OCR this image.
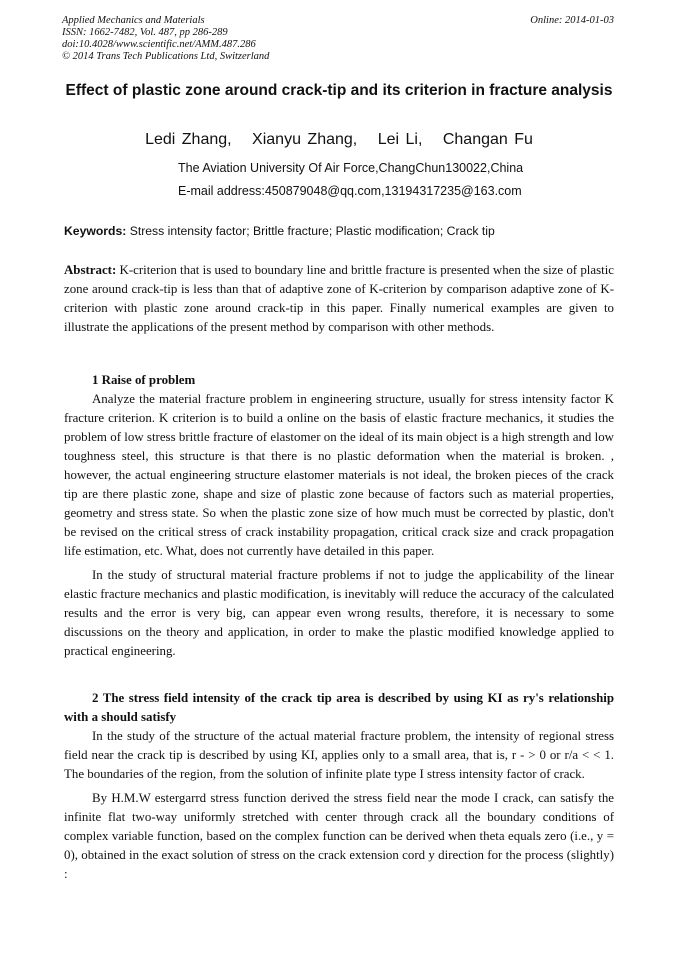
Applied Mechanics and Materials
ISSN: 1662-7482, Vol. 487, pp 286-289
doi:10.4028/www.scientific.net/AMM.487.286
© 2014 Trans Tech Publications Ltd, Switzerland
Online: 2014-01-03
Effect of plastic zone around crack-tip and its criterion in fracture analysis
Ledi Zhang, Xianyu Zhang, Lei Li, Changan Fu
The Aviation University Of Air Force,ChangChun130022,China
E-mail address:450879048@qq.com,13194317235@163.com
Keywords: Stress intensity factor; Brittle fracture; Plastic modification; Crack tip
Abstract: K-criterion that is used to boundary line and brittle fracture is presented when the size of plastic zone around crack-tip is less than that of adaptive zone of K-criterion by comparison adaptive zone of K-criterion with plastic zone around crack-tip in this paper. Finally numerical examples are given to illustrate the applications of the present method by comparison with other methods.

1 Raise of problem

Analyze the material fracture problem in engineering structure, usually for stress intensity factor K fracture criterion. K criterion is to build a online on the basis of elastic fracture mechanics, it studies the problem of low stress brittle fracture of elastomer on the ideal of its main object is a high strength and low toughness steel, this structure is that there is no plastic deformation when the material is broken. , however, the actual engineering structure elastomer materials is not ideal, the broken pieces of the crack tip are there plastic zone, shape and size of plastic zone because of factors such as material properties, geometry and stress state. So when the plastic zone size of how much must be corrected by plastic, don't be revised on the critical stress of crack instability propagation, critical crack size and crack propagation life estimation, etc. What, does not currently have detailed in this paper.

In the study of structural material fracture problems if not to judge the applicability of the linear elastic fracture mechanics and plastic modification, is inevitably will reduce the accuracy of the calculated results and the error is very big, can appear even wrong results, therefore, it is necessary to some discussions on the theory and application, in order to make the plastic modified knowledge applied to practical engineering.

2 The stress field intensity of the crack tip area is described by using KI as ry's relationship with a should satisfy

In the study of the structure of the actual material fracture problem, the intensity of regional stress field near the crack tip is described by using KI, applies only to a small area, that is, r - > 0 or r/a < < 1. The boundaries of the region, from the solution of infinite plate type I stress intensity factor of crack.

By H.M.W estergarrd stress function derived the stress field near the mode I crack, can satisfy the infinite flat two-way uniformly stretched with center through crack all the boundary conditions of complex variable function, based on the complex function can be derived when theta equals zero (i.e., y = 0), obtained in the exact solution of stress on the crack extension cord y direction for the process (slightly) :
